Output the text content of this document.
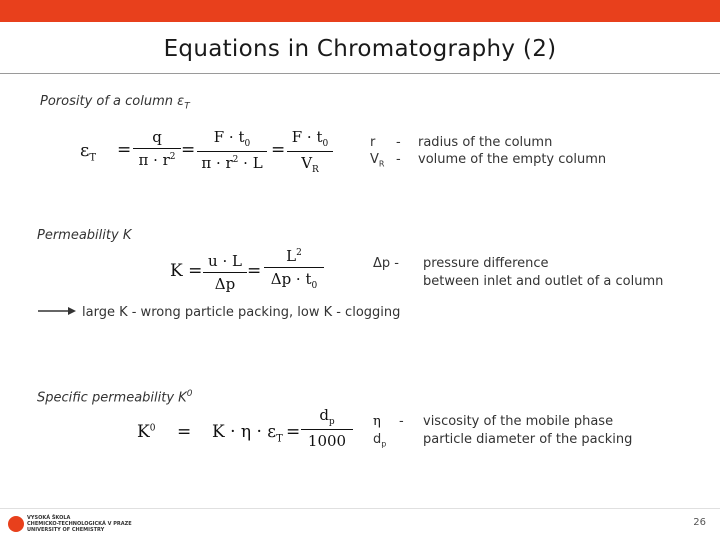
Equations in Chromatography (2)
Porosity of a column $\varepsilon_T$
$\varepsilon_T$ =
q
$\pi \cdot r^2$ =
$F \cdot t_0$
$\pi \cdot r^2 \cdot L$
=
$F \cdot t_0$
$V_R$
r - radius of the column
$V_R$ - volume of the empty column
Permeability K
K = u · L
Δp
=
$L^2$
$\Delta p \cdot t_0$
Δp - pressure difference
between inlet and outlet of a column
large K - wrong particle packing, low K - clogging
Specific permeability $K^0$
$K^0 = K \cdot \eta \cdot \varepsilon_T$ =
$d_p$
1000
η - viscosity of the mobile phase
$d_p$	particle diameter of the packing
VYSOKÁ ŠKOLA
CHEMICKO-TECHNOLOGICKÁ V PRAZE
UNIVERSITY OF CHEMISTRY
26
